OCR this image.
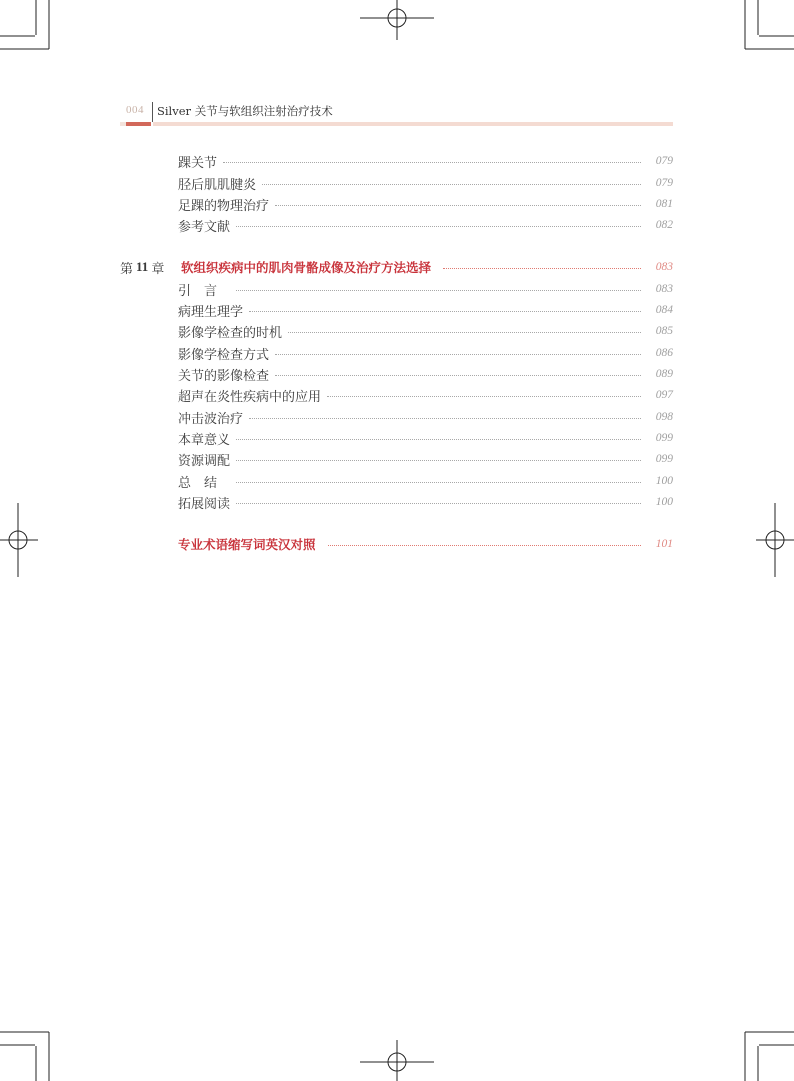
004 Silver 关节与软组织注射治疗技术
踝关节	079
胫后肌肌腱炎	079
足踝的物理治疗	081
参考文献	082
第 11 章 软组织疾病中的肌肉骨骼成像及治疗方法选择	083
引言	083
病理生理学	084
影像学检查的时机	085
影像学检查方式	086
关节的影像检查	089
超声在炎性疾病中的应用	097
冲击波治疗	098
本章意义	099
资源调配	099
总结	100
拓展阅读	100
专业术语缩写词英汉对照	101
